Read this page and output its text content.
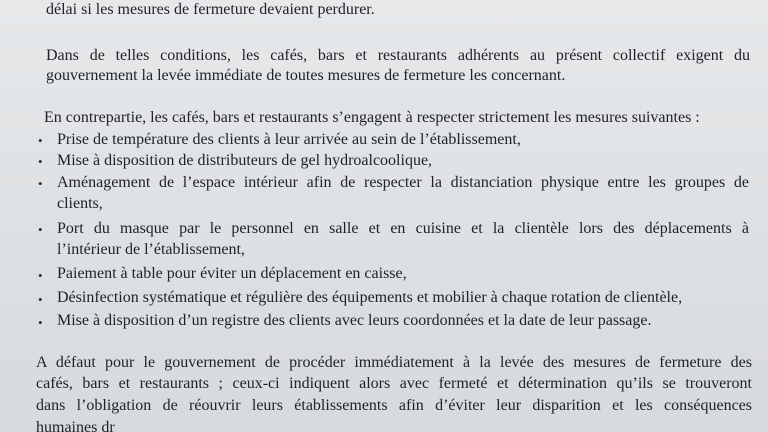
délai si les mesures de fermeture devaient perdurer.
Dans de telles conditions, les cafés, bars et restaurants adhérents au présent collectif exigent du
gouvernement la levée immédiate de toutes mesures de fermeture les concernant.
En contrepartie, les cafés, bars et restaurants s’engagent à respecter strictement les mesures suivantes :
• Prise de température des clients à leur arrivée au sein de l’établissement,
• Mise à disposition de distributeurs de gel hydroalcoolique,
• Aménagement de l’espace intérieur afin de respecter la distanciation physique entre les groupes de
clients,
• Port du masque par le personnel en salle et en cuisine et la clientèle lors des déplacements à
l’intérieur de l’établissement,
• Paiement à table pour éviter un déplacement en caisse,
• Désinfection systématique et régulière des équipements et mobilier à chaque rotation de clientèle,
• Mise à disposition d’un registre des clients avec leurs coordonnées et la date de leur passage.
A défaut pour le gouvernement de procéder immédiatement à la levée des mesures de fermeture des
cafés, bars et restaurants ; ceux-ci indiquent alors avec fermeté et détermination qu’ils se trouveront
dans l’obligation de réouvrir leurs établissements afin d’éviter leur disparition et les conséquences
humaines dr
